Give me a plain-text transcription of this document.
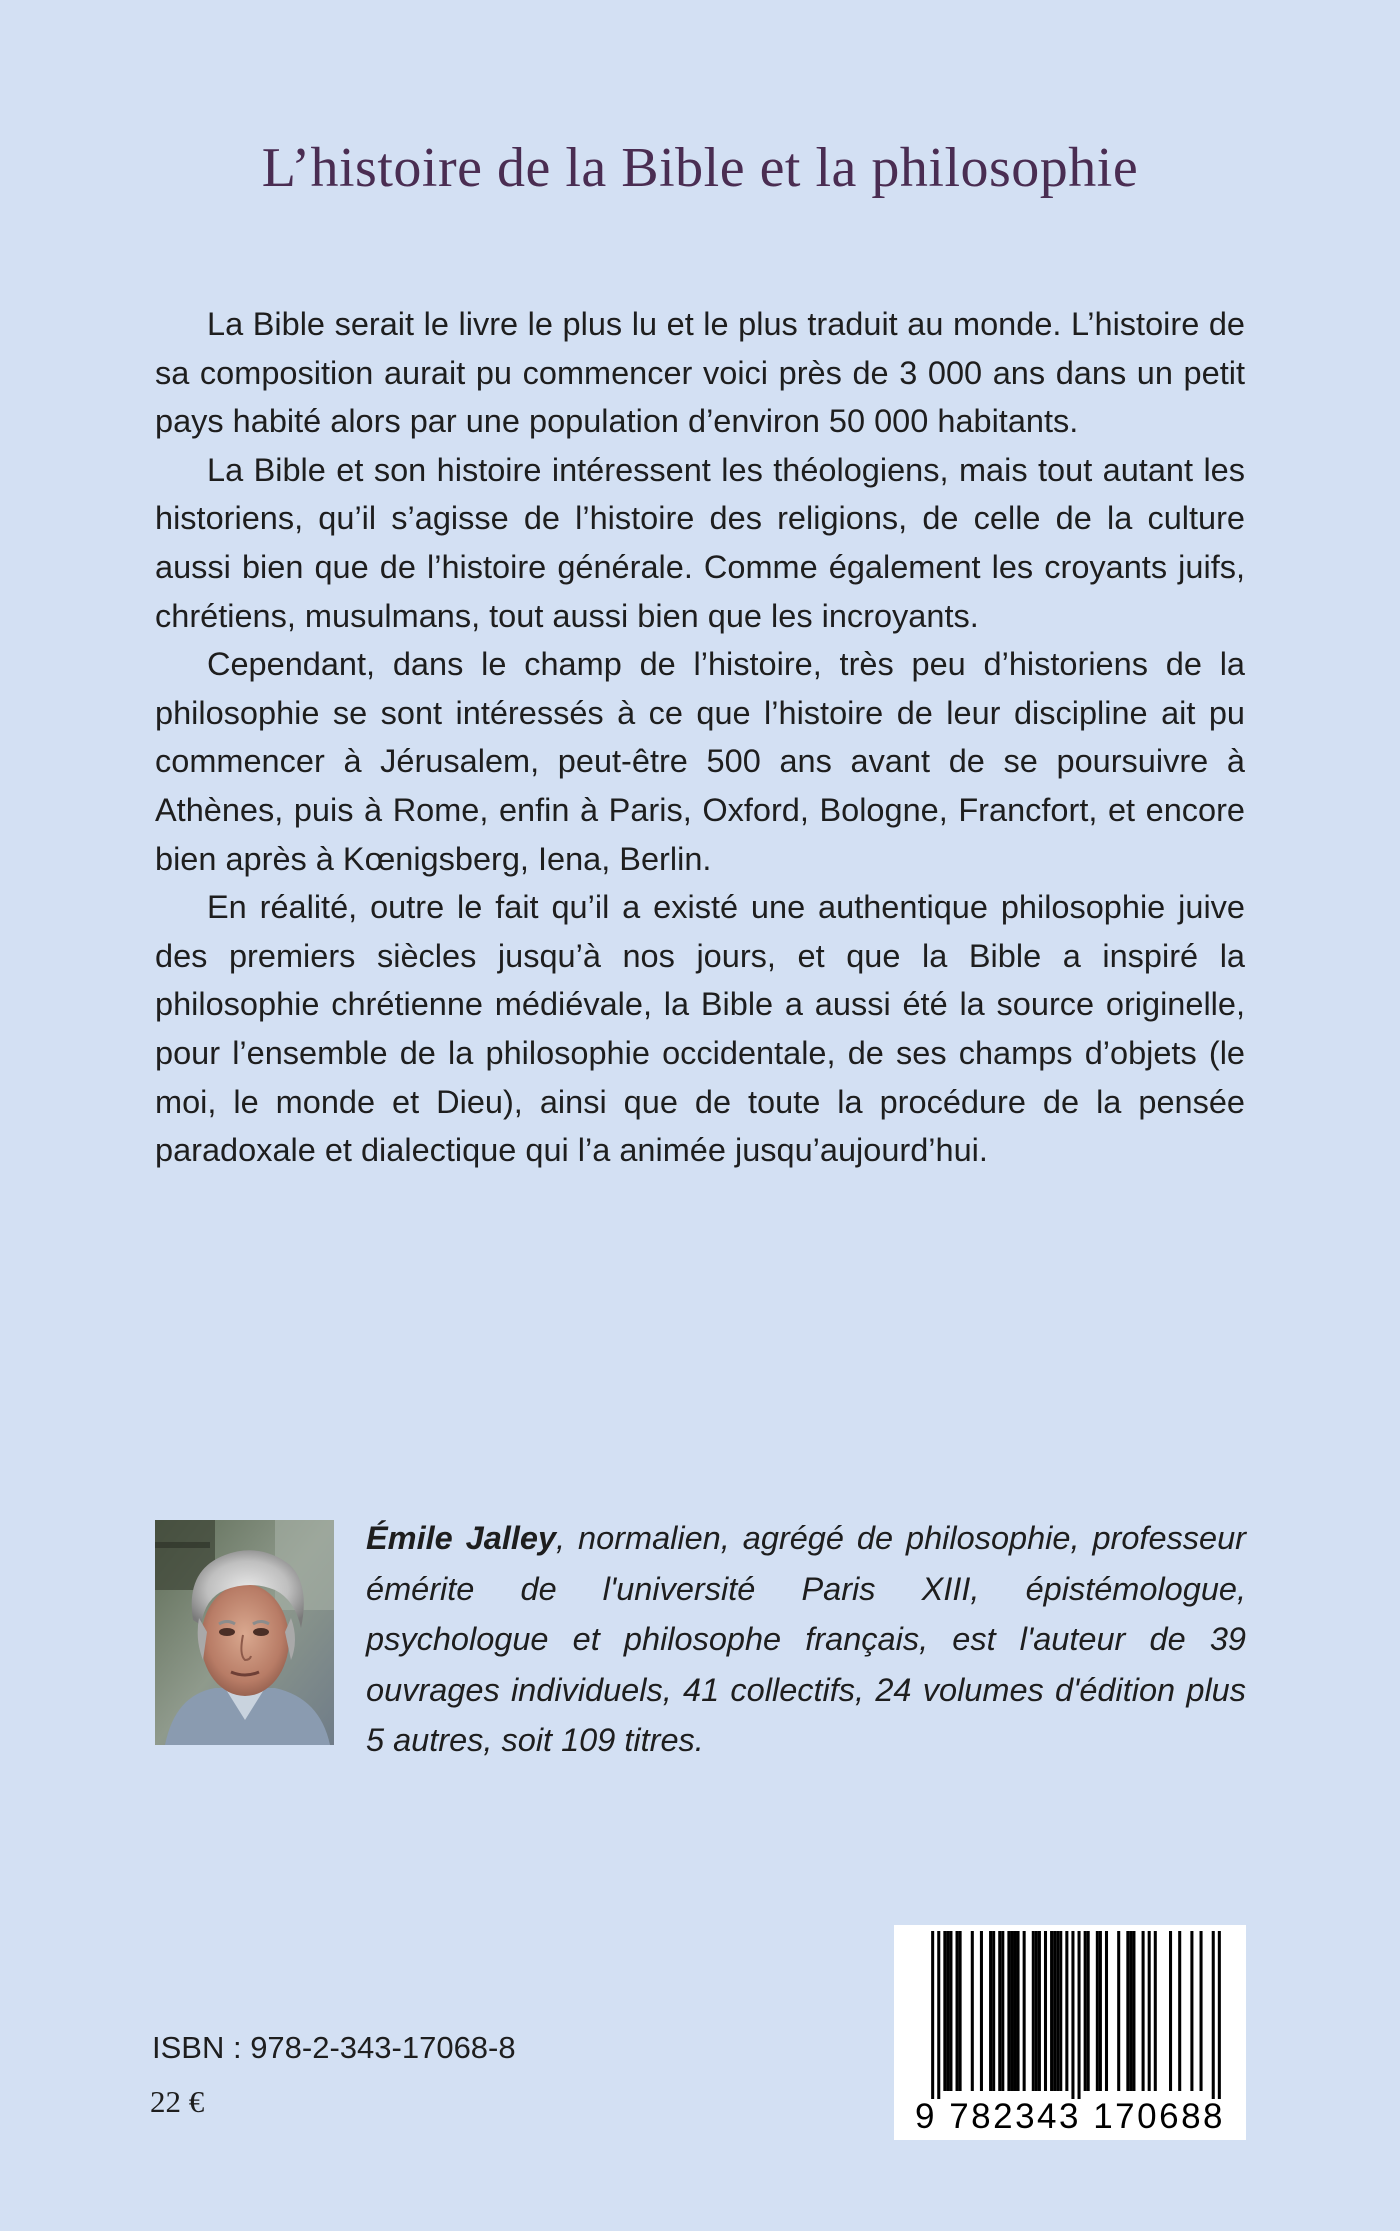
L’histoire de la Bible et la philosophie

La Bible serait le livre le plus lu et le plus traduit au monde. L’histoire de sa composition aurait pu commencer voici près de 3 000 ans dans un petit pays habité alors par une population d’environ 50 000 habitants.

La Bible et son histoire intéressent les théologiens, mais tout autant les historiens, qu’il s’agisse de l’histoire des religions, de celle de la culture aussi bien que de l’histoire générale. Comme également les croyants juifs, chrétiens, musulmans, tout aussi bien que les incroyants.

Cependant, dans le champ de l’histoire, très peu d’historiens de la philosophie se sont intéressés à ce que l’histoire de leur discipline ait pu commencer à Jérusalem, peut-être 500 ans avant de se poursuivre à Athènes, puis à Rome, enfin à Paris, Oxford, Bologne, Francfort, et encore bien après à Kœnigsberg, Iena, Berlin.

En réalité, outre le fait qu’il a existé une authentique philosophie juive des premiers siècles jusqu’à nos jours, et que la Bible a inspiré la philosophie chrétienne médiévale, la Bible a aussi été la source originelle, pour l’ensemble de la philosophie occidentale, de ses champs d’objets (le moi, le monde et Dieu), ainsi que de toute la procédure de la pensée paradoxale et dialectique qui l’a animée jusqu’aujourd’hui.

Émile Jalley, normalien, agrégé de philosophie, professeur émérite de l'université Paris XIII, épistémologue, psychologue et philosophe français, est l'auteur de 39 ouvrages individuels, 41 collectifs, 24 volumes d'édition plus 5 autres, soit 109 titres.

9 782343 170688

ISBN : 978-2-343-17068-8

22 €
